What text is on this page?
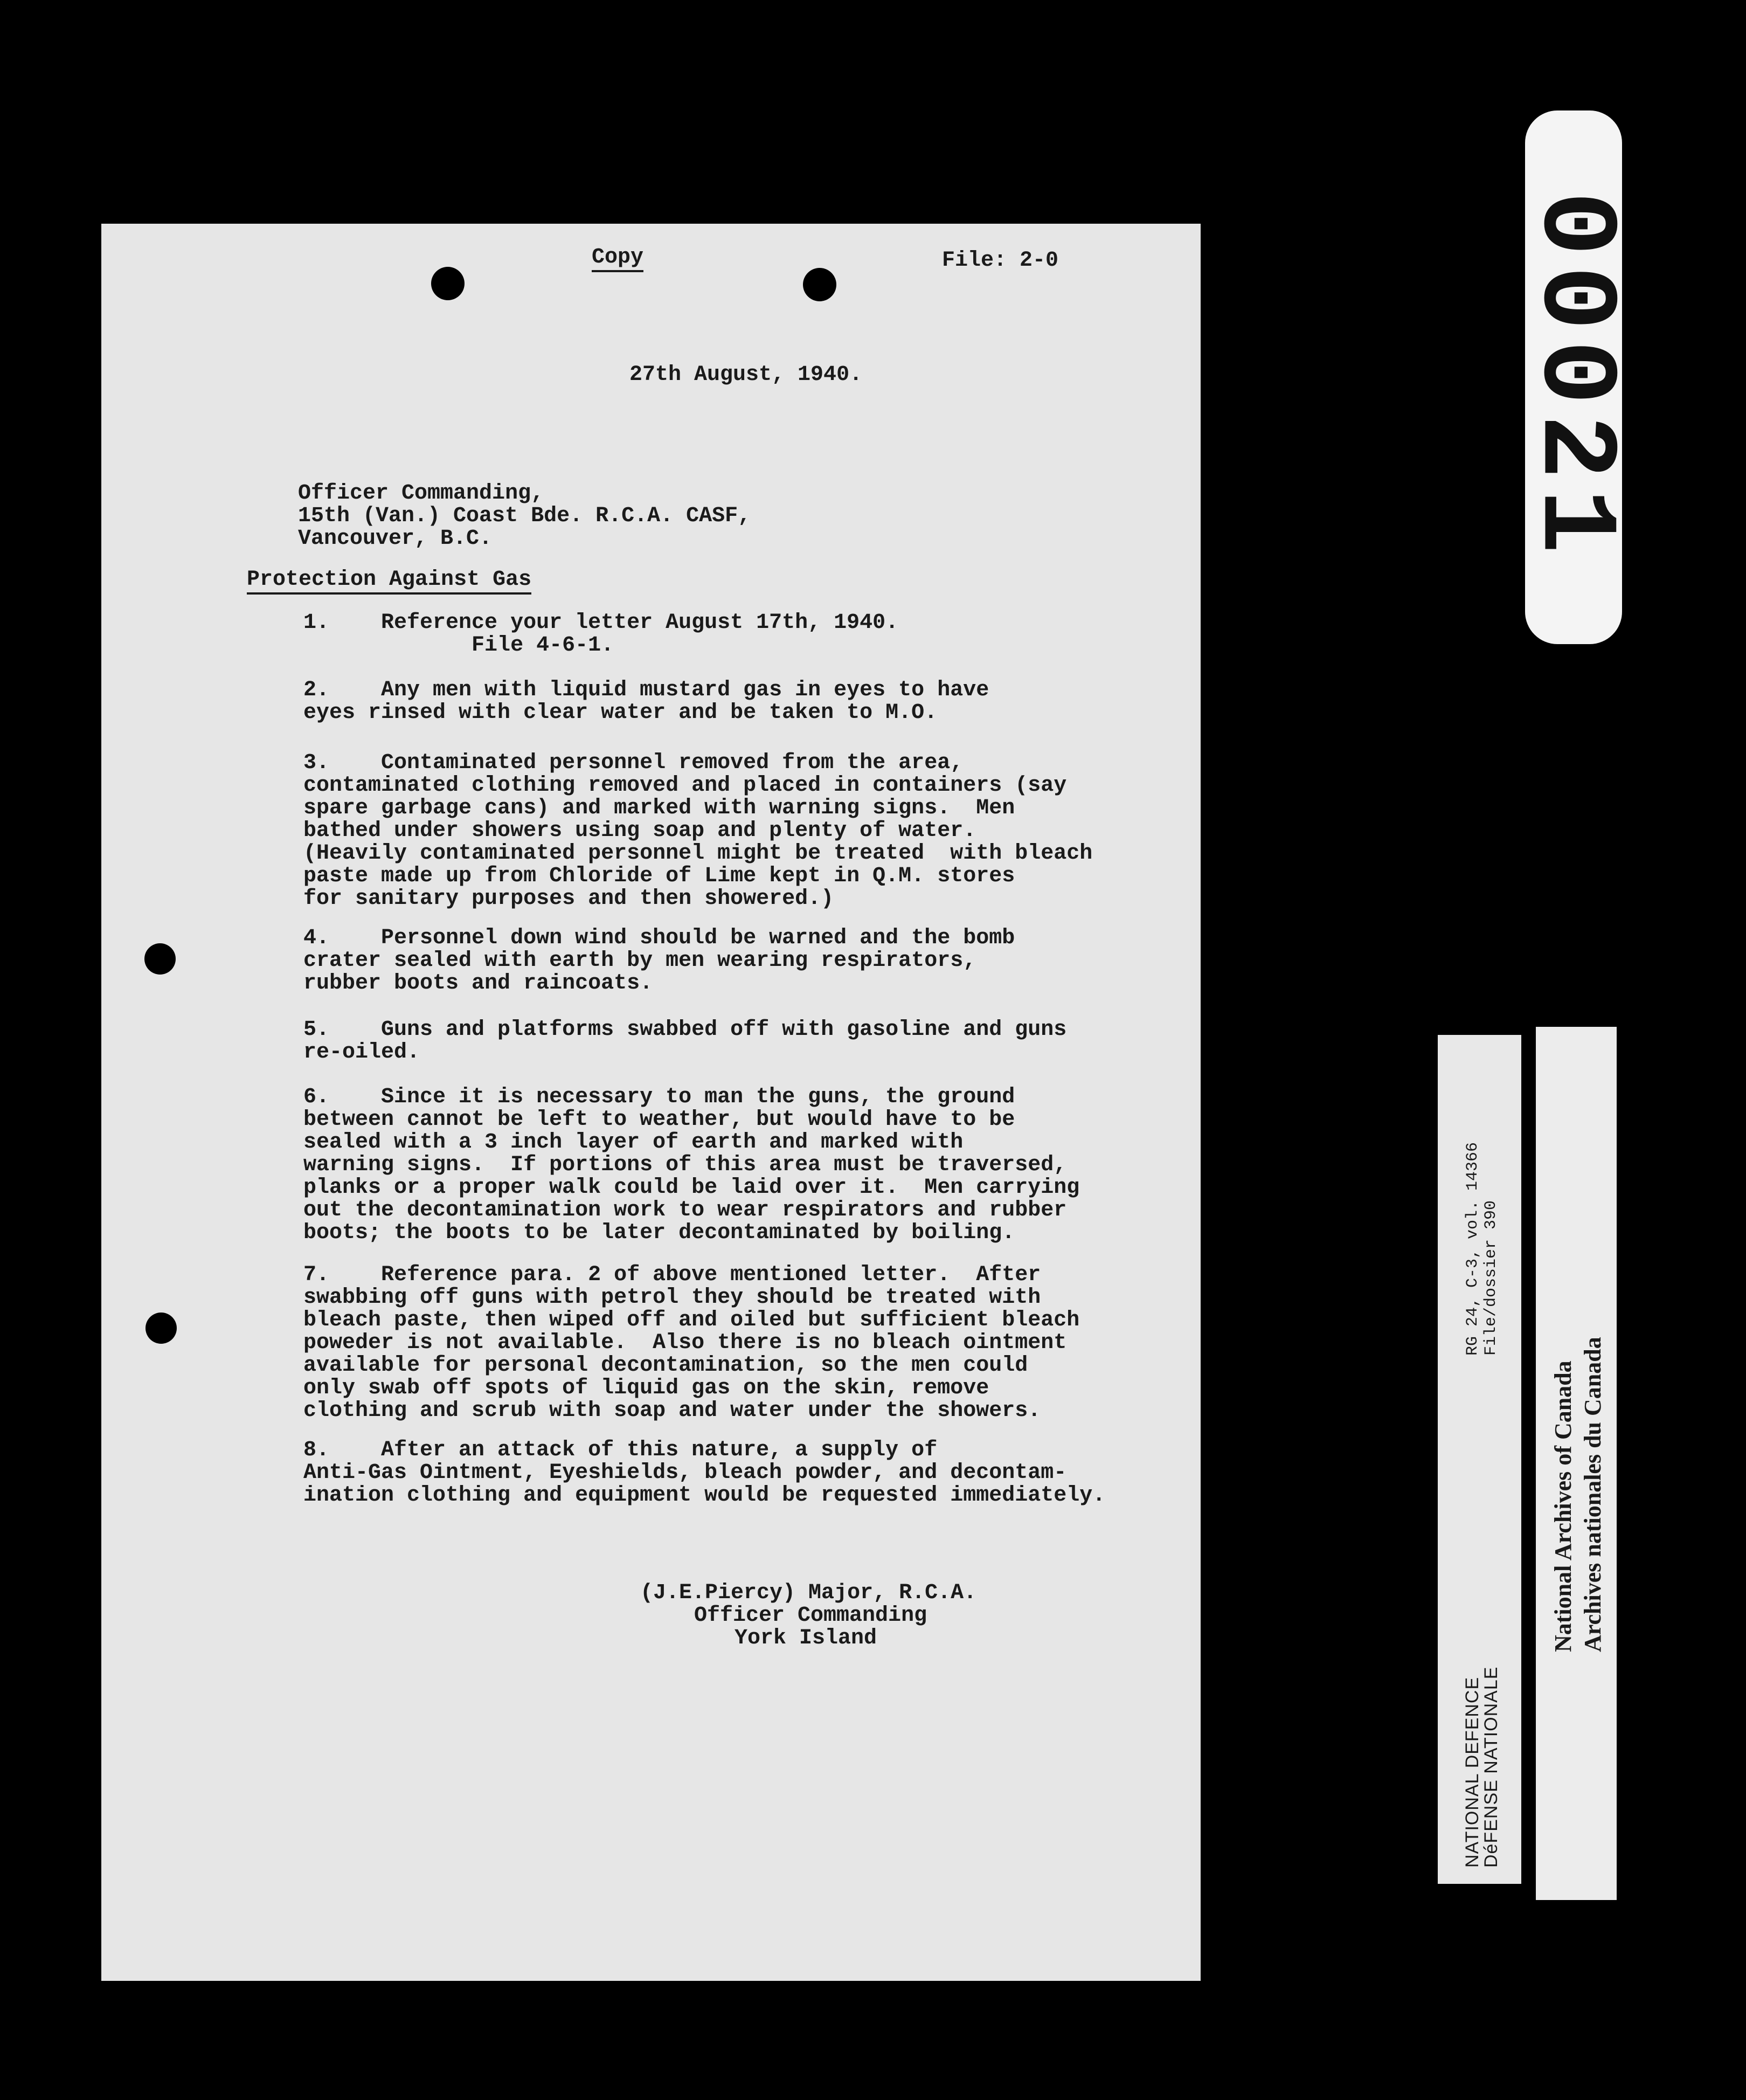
Copy	File: 2-0
27th August, 1940.
Officer Commanding,
15th (Van.) Coast Bde. R.C.A. CASF,
Vancouver, B.C.
Protection Against Gas
1.    Reference your letter August 17th, 1940.
File 4-6-1.
2.    Any men with liquid mustard gas in eyes to have
eyes rinsed with clear water and be taken to M.O.
3.    Contaminated personnel removed from the area,
contaminated clothing removed and placed in containers (say
spare garbage cans) and marked with warning signs.  Men
bathed under showers using soap and plenty of water.
(Heavily contaminated personnel might be treated  with bleach
paste made up from Chloride of Lime kept in Q.M. stores
for sanitary purposes and then showered.)
4.    Personnel down wind should be warned and the bomb
crater sealed with earth by men wearing respirators,
rubber boots and raincoats.
5.    Guns and platforms swabbed off with gasoline and guns
re-oiled.
6.    Since it is necessary to man the guns, the ground
between cannot be left to weather, but would have to be
sealed with a 3 inch layer of earth and marked with
warning signs.  If portions of this area must be traversed,
planks or a proper walk could be laid over it.  Men carrying
out the decontamination work to wear respirators and rubber
boots; the boots to be later decontaminated by boiling.
7.    Reference para. 2 of above mentioned letter.  After
swabbing off guns with petrol they should be treated with
bleach paste, then wiped off and oiled but sufficient bleach
poweder is not available.  Also there is no bleach ointment
available for personal decontamination, so the men could
only swab off spots of liquid gas on the skin, remove
clothing and scrub with soap and water under the showers.
8.    After an attack of this nature, a supply of
Anti-Gas Ointment, Eyeshields, bleach powder, and decontam-
ination clothing and equipment would be requested immediately.
(J.E.Piercy) Major, R.C.A.
Officer Commanding
York Island
00021
NATIONAL DEFENCE
DéFENSE NATIONALE
RG 24, C-3, vol. 14366 File/dossier 390
National Archives of Canada Archives nationales du Canada
